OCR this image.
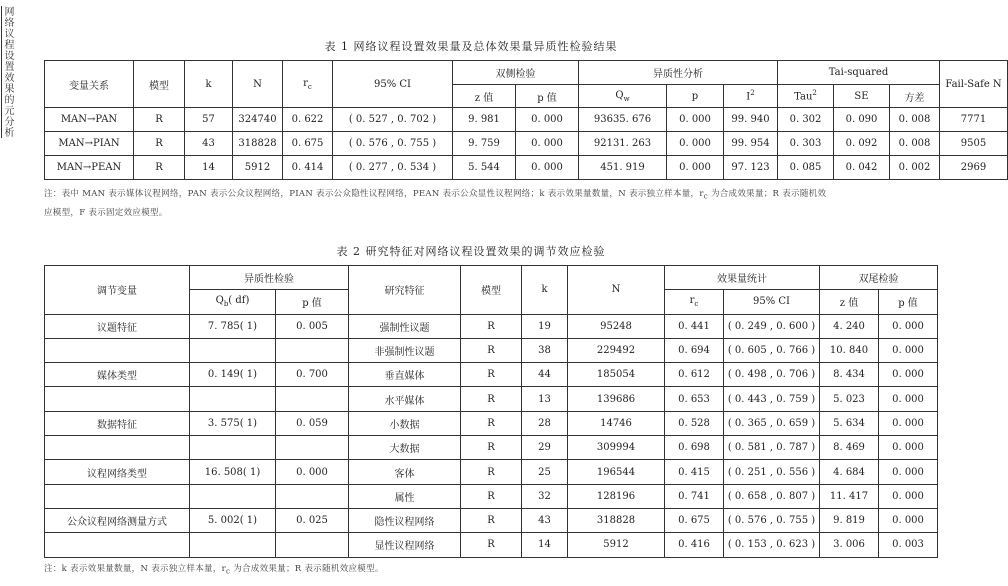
网络议程设置效果的元分析	表 1 网络议程设置效果量及总体效果量异质性检验结果
变量关系	模型	k	N	$r_c$	95% CI	双侧检验		异质性分析			Tai-squared			Fail-Safe N
						z 值	p 值	$Q_w$	p	$I^2$	Tau$^2$	SE	方差	
MAN→PAN	R	57	324740	0. 622	( 0. 527 , 0. 702 )	9. 981	0. 000	93635. 676	0. 000	99. 940	0. 302	0. 090	0. 008	7771
MAN→PIAN	R	43	318828	0. 675	( 0. 576 , 0. 755 )	9. 759	0. 000	92131. 263	0. 000	99. 954	0. 303	0. 092	0. 008	9505
MAN→PEAN	R	14	5912	0. 414	( 0. 277 , 0. 534 )	5. 544	0. 000	451. 919	0. 000	97. 123	0. 085	0. 042	0. 002	2969
注：表中 MAN 表示媒体议程网络，PAN 表示公众议程网络，PIAN 表示公众隐性议程网络，PEAN 表示公众显性议程网络；k 表示效果量数量，N 表示独立样本量，$r_c$ 为合成效果量；R 表示随机效
应模型，F 表示固定效应模型。
表 2 研究特征对网络议程设置效果的调节效应检验
调节变量	异质性检验		研究特征	模型	k	N	效果量统计		双尾检验	
	$Q_b$( df)	p 值					$r_c$	95% CI	z 值	p 值
议题特征	7. 785( 1)	0. 005	强制性议题	R	19	95248	0. 441	( 0. 249 , 0. 600 )	4. 240	0. 000
			非强制性议题	R	38	229492	0. 694	( 0. 605 , 0. 766 )	10. 840	0. 000
媒体类型	0. 149( 1)	0. 700	垂直媒体	R	44	185054	0. 612	( 0. 498 , 0. 706 )	8. 434	0. 000
			水平媒体	R	13	139686	0. 653	( 0. 443 , 0. 759 )	5. 023	0. 000
数据特征	3. 575( 1)	0. 059	小数据	R	28	14746	0. 528	( 0. 365 , 0. 659 )	5. 634	0. 000
			大数据	R	29	309994	0. 698	( 0. 581 , 0. 787 )	8. 469	0. 000
议程网络类型	16. 508( 1)	0. 000	客体	R	25	196544	0. 415	( 0. 251 , 0. 556 )	4. 684	0. 000
			属性	R	32	128196	0. 741	( 0. 658 , 0. 807 )	11. 417	0. 000
公众议程网络测量方式	5. 002( 1)	0. 025	隐性议程网络	R	43	318828	0. 675	( 0. 576 , 0. 755 )	9. 819	0. 000
			显性议程网络	R	14	5912	0. 416	( 0. 153 , 0. 623 )	3. 006	0. 003
注：k 表示效果量数量，N 表示独立样本量，$r_c$ 为合成效果量；R 表示随机效应模型。
